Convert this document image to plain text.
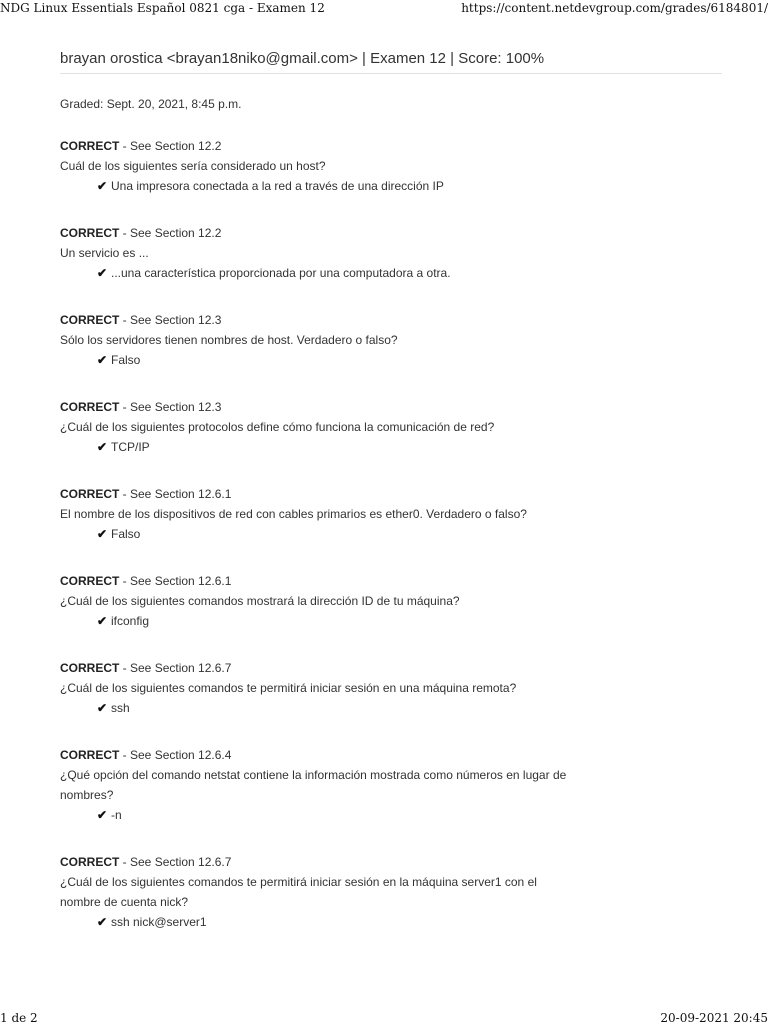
NDG Linux Essentials Español 0821 cga - Examen 12	https://content.netdevgroup.com/grades/6184801/
brayan orostica <brayan18niko@gmail.com> | Examen 12 | Score: 100%
Graded: Sept. 20, 2021, 8:45 p.m.
CORRECT - See Section 12.2
Cuál de los siguientes sería considerado un host?
✔ Una impresora conectada a la red a través de una dirección IP
CORRECT - See Section 12.2
Un servicio es ...
✔ ...una característica proporcionada por una computadora a otra.
CORRECT - See Section 12.3
Sólo los servidores tienen nombres de host. Verdadero o falso?
✔ Falso
CORRECT - See Section 12.3
¿Cuál de los siguientes protocolos define cómo funciona la comunicación de red?
✔ TCP/IP
CORRECT - See Section 12.6.1
El nombre de los dispositivos de red con cables primarios es ether0. Verdadero o falso?
✔ Falso
CORRECT - See Section 12.6.1
¿Cuál de los siguientes comandos mostrará la dirección ID de tu máquina?
✔ ifconfig
CORRECT - See Section 12.6.7
¿Cuál de los siguientes comandos te permitirá iniciar sesión en una máquina remota?
✔ ssh
CORRECT - See Section 12.6.4
¿Qué opción del comando netstat contiene la información mostrada como números en lugar de nombres?
✔ -n
CORRECT - See Section 12.6.7
¿Cuál de los siguientes comandos te permitirá iniciar sesión en la máquina server1 con el nombre de cuenta nick?
✔ ssh nick@server1
1 de 2	20-09-2021 20:45
